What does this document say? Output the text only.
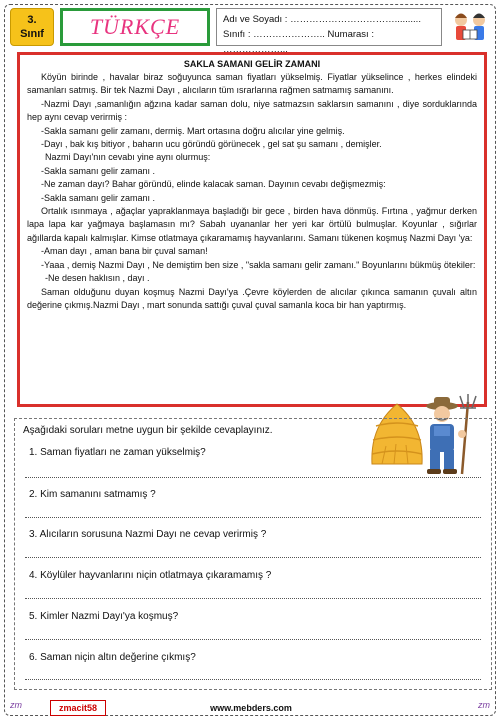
3.
Sınıf	TÜRKÇE	Adı ve Soyadı : ……………………………..........
Sınıfı : ………………….. Numarası : ………………...
SAKLA SAMANI GELİR ZAMANI

Köyün birinde , havalar biraz soğuyunca saman fiyatları yükselmiş. Fiyatlar yükselince , herkes elindeki samanları satmış. Bir tek Nazmi Dayı , alıcıların tüm ısrarlarına rağmen satmamış samanını.

-Nazmi Dayı ,samanlığın ağzına kadar saman dolu, niye satmazsın saklarsın samanını , diye sorduklarında hep aynı cevap verirmiş :

-Sakla samanı gelir zamanı, dermiş. Mart ortasına doğru alıcılar yine gelmiş.

-Dayı , bak kış bitiyor , baharın ucu göründü görünecek , gel sat şu samanı , demişler.

Nazmi Dayı'nın cevabı yine aynı olurmuş:

-Sakla samanı gelir zamanı .

-Ne zaman dayı? Bahar göründü, elinde kalacak saman. Dayının cevabı değişmezmiş:

-Sakla samanı gelir zamanı .

Ortalık ısınmaya , ağaçlar yapraklanmaya başladığı bir gece , birden hava dönmüş. Fırtına , yağmur derken lapa lapa kar yağmaya başlamasın mı? Sabah uyananlar her yeri kar örtülü bulmuşlar. Koyunlar , sığırlar ağıllarda kapalı kalmışlar. Kimse otlatmaya çıkaramamış hayvanlarını. Samanı tükenen koşmuş Nazmi Dayı 'ya:

-Aman dayı , aman bana bir çuval saman!

-Yaaa , demiş Nazmi Dayı , Ne demiştim ben size , "sakla samanı gelir zamanı." Boyunlarını bükmüş ötekiler:

-Ne desen haklısın , dayı .

Saman olduğunu duyan koşmuş Nazmi Dayı'ya .Çevre köylerden de alıcılar çıkınca samanın çuvalı altın değerine çıkmış.Nazmi Dayı , mart sonunda sattığı çuval çuval samanla koca bir han yaptırmış.

Aşağıdaki soruları metne uygun bir şekilde cevaplayınız.
1. Saman fiyatları ne zaman yükselmiş?
2. Kim samanını satmamış ?
3. Alıcıların sorusuna Nazmi Dayı ne cevap verirmiş ?
4. Köylüler hayvanlarını niçin otlatmaya çıkaramamış ?
5. Kimler Nazmi Dayı'ya koşmuş?
6. Saman niçin altın değerine çıkmış?
zm	zmacit58	www.mebders.com	zm
